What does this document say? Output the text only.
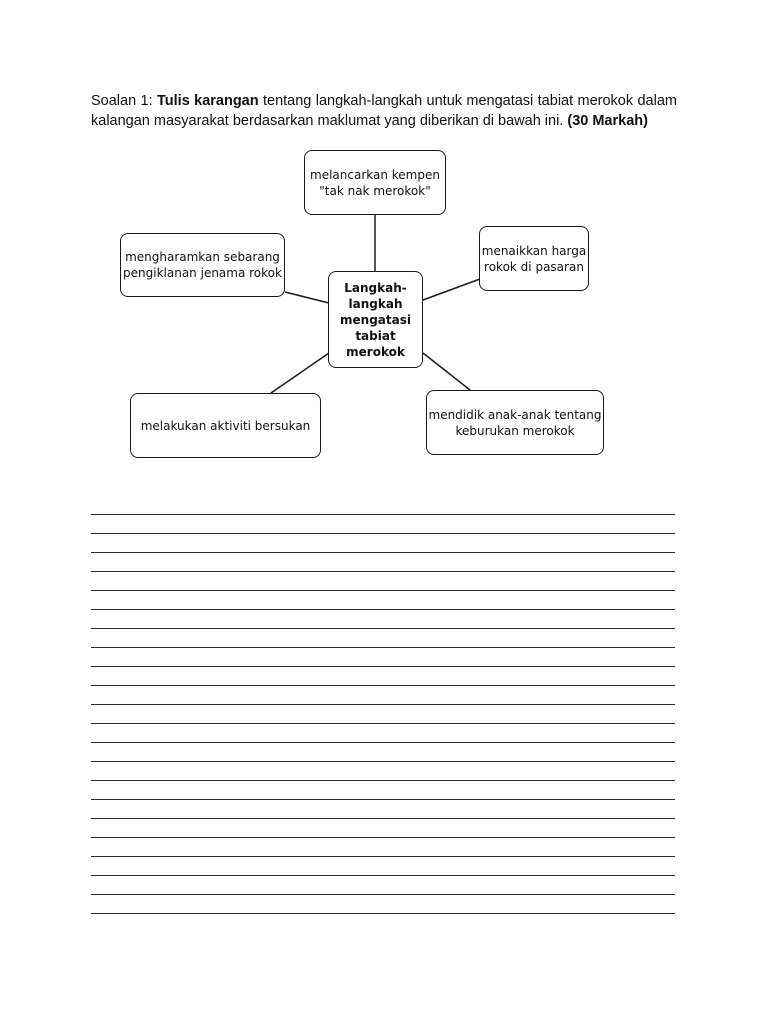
Soalan 1: Tulis karangan tentang langkah-langkah untuk mengatasi tabiat merokok dalam kalangan masyarakat berdasarkan maklumat yang diberikan di bawah ini. (30 Markah)
Langkah-
langkah
mengatasi
tabiat
merokok
melancarkan kempen
"tak nak merokok"
mengharamkan sebarang
pengiklanan jenama rokok
menaikkan harga
rokok di pasaran
melakukan aktiviti bersukan
mendidik anak-anak tentang
keburukan merokok
